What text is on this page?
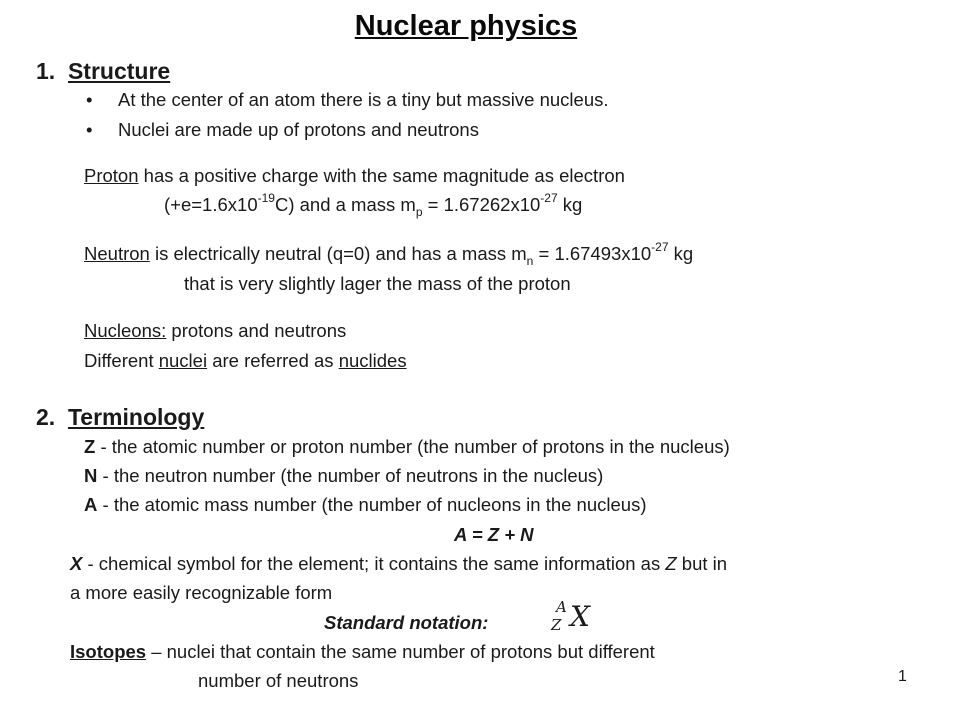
Nuclear physics
1. Structure
• At the center of an atom there is a tiny but massive nucleus.
• Nuclei are made up of protons and neutrons
Proton has a positive charge with the same magnitude as electron
$(+e=1.6x10^{-19}C)$ and a mass $m_p = 1.67262x10^{-27}$ kg
Neutron is electrically neutral (q=0) and has a mass $m_n = 1.67493x10^{-27}$ kg
that is very slightly lager the mass of the proton
Nucleons: protons and neutrons
Different nuclei are referred as nuclides
2. Terminology
Z - the atomic number or proton number (the number of protons in the nucleus)
N - the neutron number (the number of neutrons in the nucleus)
A - the atomic mass number (the number of nucleons in the nucleus)
A = Z + N
X - chemical symbol for the element; it contains the same information as Z but in
a more easily recognizable form
Standard notation:
A
Z X
Isotopes – nuclei that contain the same number of protons but different
number of neutrons	1
